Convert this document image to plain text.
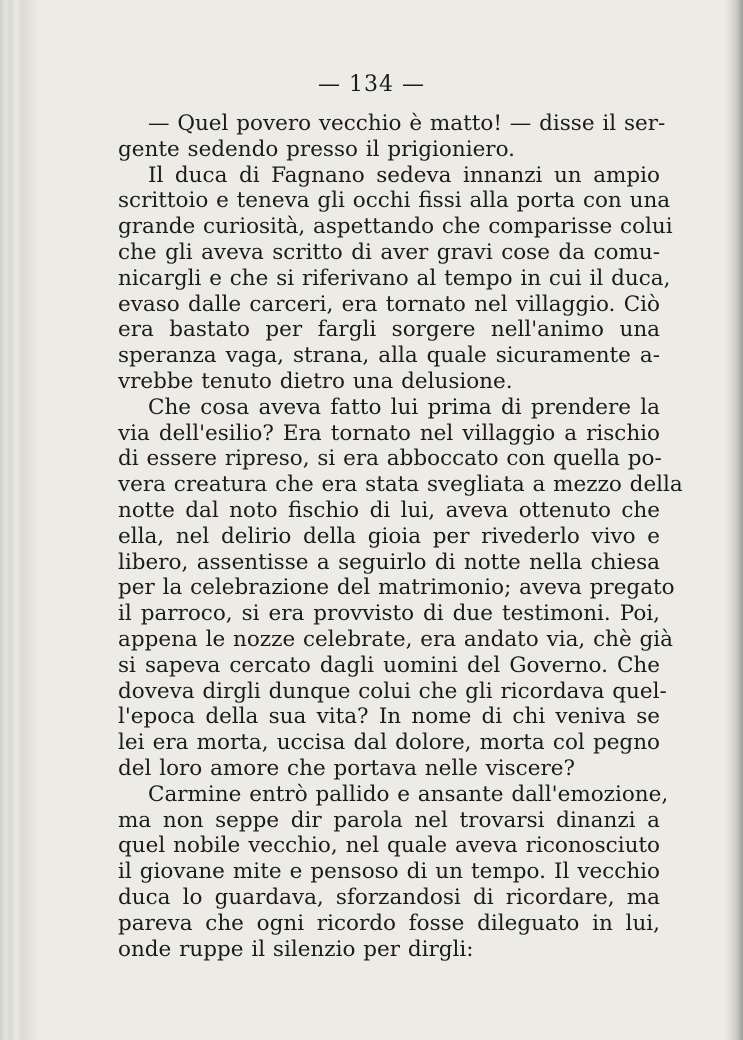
— 134 —
— Quel povero vecchio è matto! — disse il ser-
gente sedendo presso il prigioniero.
Il duca di Fagnano sedeva innanzi un ampio
scrittoio e teneva gli occhi fissi alla porta con una
grande curiosità, aspettando che comparisse colui
che gli aveva scritto di aver gravi cose da comu-
nicargli e che si riferivano al tempo in cui il duca,
evaso dalle carceri, era tornato nel villaggio. Ciò
era bastato per fargli sorgere nell'animo una
speranza vaga, strana, alla quale sicuramente a-
vrebbe tenuto dietro una delusione.
Che cosa aveva fatto lui prima di prendere la
via dell'esilio? Era tornato nel villaggio a rischio
di essere ripreso, si era abboccato con quella po-
vera creatura che era stata svegliata a mezzo della
notte dal noto fischio di lui, aveva ottenuto che
ella, nel delirio della gioia per rivederlo vivo e
libero, assentisse a seguirlo di notte nella chiesa
per la celebrazione del matrimonio; aveva pregato
il parroco, si era provvisto di due testimoni. Poi,
appena le nozze celebrate, era andato via, chè già
si sapeva cercato dagli uomini del Governo. Che
doveva dirgli dunque colui che gli ricordava quel-
l'epoca della sua vita? In nome di chi veniva se
lei era morta, uccisa dal dolore, morta col pegno
del loro amore che portava nelle viscere?
Carmine entrò pallido e ansante dall'emozione,
ma non seppe dir parola nel trovarsi dinanzi a
quel nobile vecchio, nel quale aveva riconosciuto
il giovane mite e pensoso di un tempo. Il vecchio
duca lo guardava, sforzandosi di ricordare, ma
pareva che ogni ricordo fosse dileguato in lui,
onde ruppe il silenzio per dirgli:
